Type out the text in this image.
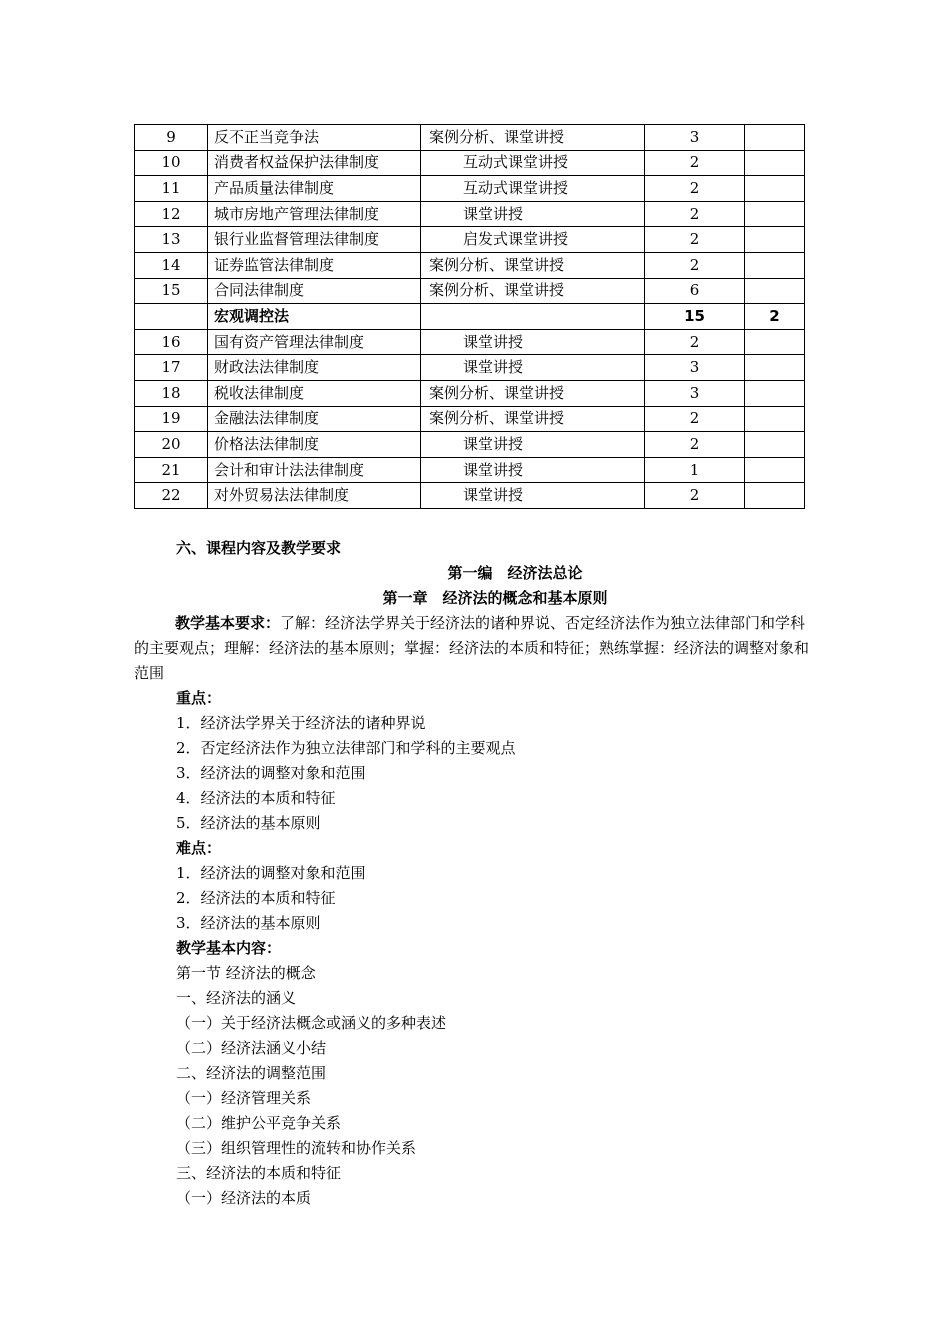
9	反不正当竞争法	案例分析、课堂讲授	3	
10	消费者权益保护法律制度	互动式课堂讲授	2	
11	产品质量法律制度	互动式课堂讲授	2	
12	城市房地产管理法律制度	课堂讲授	2	
13	银行业监督管理法律制度	启发式课堂讲授	2	
14	证券监管法律制度	案例分析、课堂讲授	2	
15	合同法律制度	案例分析、课堂讲授	6	
	宏观调控法		15	2
16	国有资产管理法律制度	课堂讲授	2	
17	财政法法律制度	课堂讲授	3	
18	税收法律制度	案例分析、课堂讲授	3	
19	金融法法律制度	案例分析、课堂讲授	2	
20	价格法法律制度	课堂讲授	2	
21	会计和审计法法律制度	课堂讲授	1	
22	对外贸易法法律制度	课堂讲授	2	
六、课程内容及教学要求
第一编　经济法总论
第一章　经济法的概念和基本原则
教学基本要求：了解：经济法学界关于经济法的诸种界说、否定经济法作为独立法律部门和学科的主要观点；理解：经济法的基本原则；掌握：经济法的本质和特征；熟练掌握：经济法的调整对象和范围
重点：
1．经济法学界关于经济法的诸种界说
2．否定经济法作为独立法律部门和学科的主要观点
3．经济法的调整对象和范围
4．经济法的本质和特征
5．经济法的基本原则
难点：
1．经济法的调整对象和范围
2．经济法的本质和特征
3．经济法的基本原则
教学基本内容：
第一节 经济法的概念
一、经济法的涵义
（一）关于经济法概念或涵义的多种表述
（二）经济法涵义小结
二、经济法的调整范围
（一）经济管理关系
（二）维护公平竞争关系
（三）组织管理性的流转和协作关系
三、经济法的本质和特征
（一）经济法的本质
